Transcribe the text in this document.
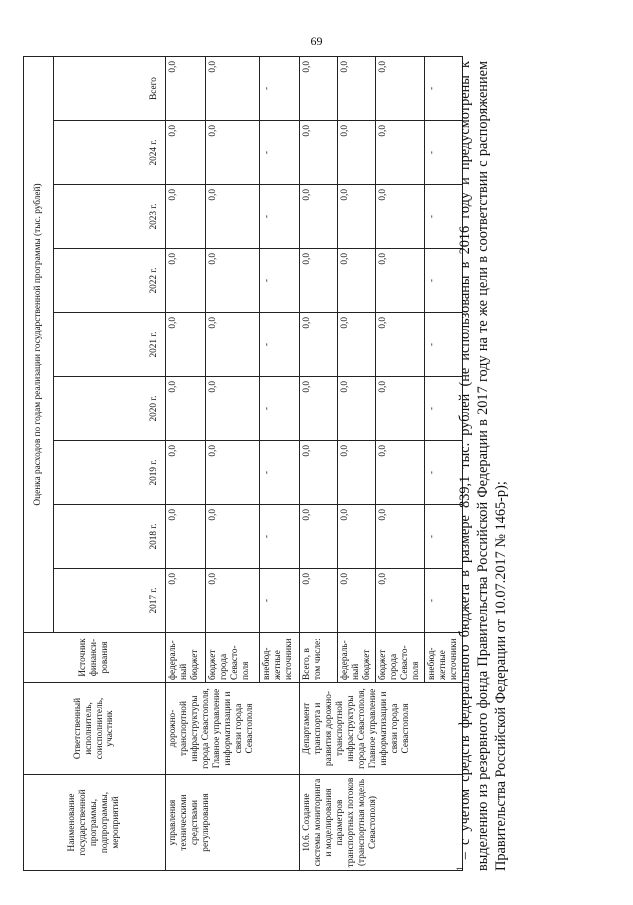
69
Наименование государственной программы, подпрограммы, мероприятий	Ответственный исполнитель, соисполнитель, участник	Источник финанси-рования	Оценка расходов по годам реализации государственной программы (тыс. рублей)								
			2017 г.	2018 г.	2019 г.	2020 г.	2021 г.	2022 г.	2023 г.	2024 г.	Всего
управления техническими средствами регулирования	дорожно-транспортной инфраструктуры города Севастополя, Главное управление информатизации и связи города Севастополя	федераль-ный бюджет	0,0	0,0	0,0	0,0	0,0	0,0	0,0	0,0	0,0
		бюджет города Севасто-поля	0,0	0,0	0,0	0,0	0,0	0,0	0,0	0,0	0,0
		внебюд-жетные источники	-	-	-	-	-	-	-	-	-
10.6. Создание системы мониторинга и моделирования параметров транспортных потоков (транспортная модель Севастополя)	Департамент транспорта и развития дорожно-транспортной инфраструктуры города Севастополя, Главное управление информатизации и связи города Севастополя	Всего, в том числе:	0,0	0,0	0,0	0,0	0,0	0,0	0,0	0,0	0,0
		федераль-ный бюджет	0,0	0,0	0,0	0,0	0,0	0,0	0,0	0,0	0,0
		бюджет города Севасто-поля	0,0	0,0	0,0	0,0	0,0	0,0	0,0	0,0	0,0
		внебюд-жетные источники	-	-	-	-	-	-	-	-	-
$^1$ – с учетом средств федерального бюджета в размере 839,1 тыс. рублей (не использованы в 2016 году и предусмотрены к выделению из резервного фонда Правительства Российской Федерации в 2017 году на те же цели в соответствии с распоряжением Правительства Российской Федерации от 10.07.2017 № 1465-р);
